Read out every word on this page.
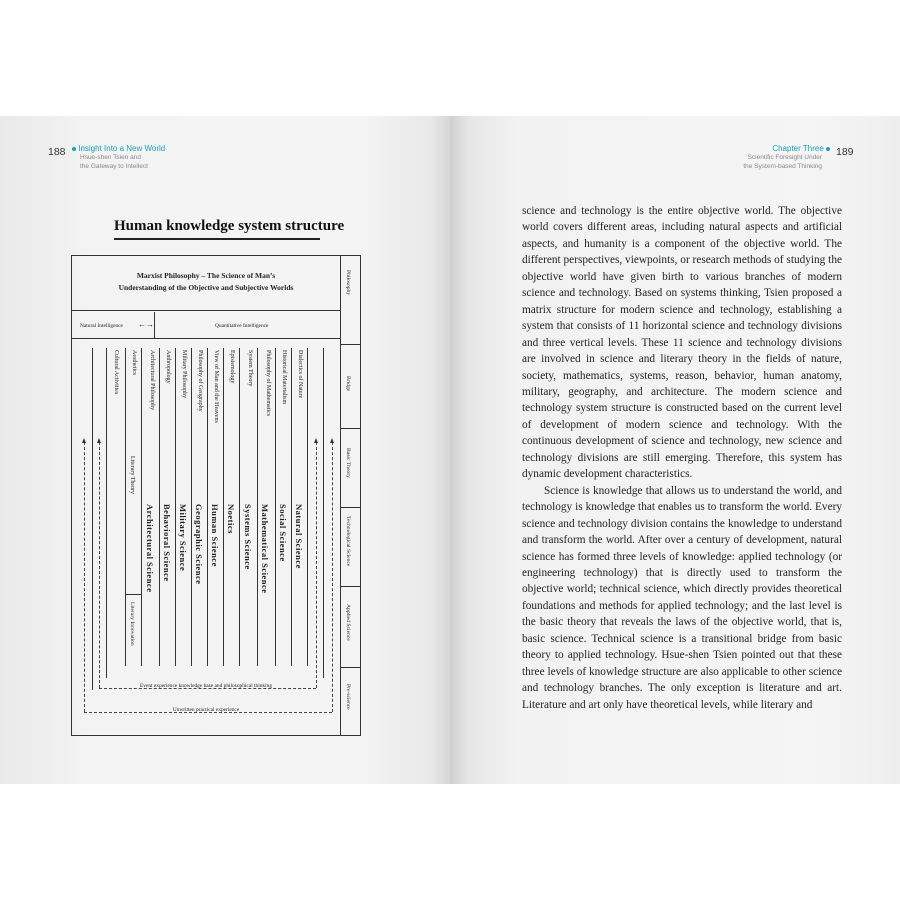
188	Insight Into a New World
Hsue-shen Tsien and
the Gateway to Intellect
Human knowledge system structure
Philosophy
Bridge
Basic Theory
Technological Science
Applied Science
Pre-science
Marxist Philosophy – The Science of Man’s
Understanding of the Objective and Subjective Worlds
Natural Intelligence ←→	Quantitative Intelligence
Dialectics of Nature
Historical Materialism
Philosophy of Mathematics
System Theory
Epistemology
View of Man and the Heavens
Philosophy of Geography
Military Philosophy
Anthropology
Architectural Philosophy
Aesthetics
Cultural Activities
Natural Science
Social Science
Mathematical Science
Systems Science
Noetics
Human Science
Geographic Science
Military Science
Behavioral Science
Architectural Science
Literary Theory
Literary Innovation
Event experience knowledge base and philosophical thinking
Unwritten practical experience
Chapter Three
Scientific Foresight Under
the System-based Thinking
189

science and technology is the entire objective world. The objective world covers different areas, including natural aspects and artificial aspects, and humanity is a component of the objective world. The different perspectives, viewpoints, or research methods of studying the objective world have given birth to various branches of modern science and technology. Based on systems thinking, Tsien proposed a matrix structure for modern science and technology, establishing a system that consists of 11 horizontal science and technology divisions and three vertical levels. These 11 science and technology divisions are involved in science and literary theory in the fields of nature, society, mathematics, systems, reason, behavior, human anatomy, military, geography, and architecture. The modern science and technology system structure is constructed based on the current level of development of modern science and technology. With the continuous development of science and technology, new science and technology divisions are still emerging. Therefore, this system has dynamic development characteristics.

Science is knowledge that allows us to understand the world, and technology is knowledge that enables us to transform the world. Every science and technology division contains the knowledge to understand and transform the world. After over a century of development, natural science has formed three levels of knowledge: applied technology (or engineering technology) that is directly used to transform the objective world; technical science, which directly provides theoretical foundations and methods for applied technology; and the last level is the basic theory that reveals the laws of the objective world, that is, basic science. Technical science is a transitional bridge from basic theory to applied technology. Hsue-shen Tsien pointed out that these three levels of knowledge structure are also applicable to other science and technology branches. The only exception is literature and art. Literature and art only have theoretical levels, while literary and
